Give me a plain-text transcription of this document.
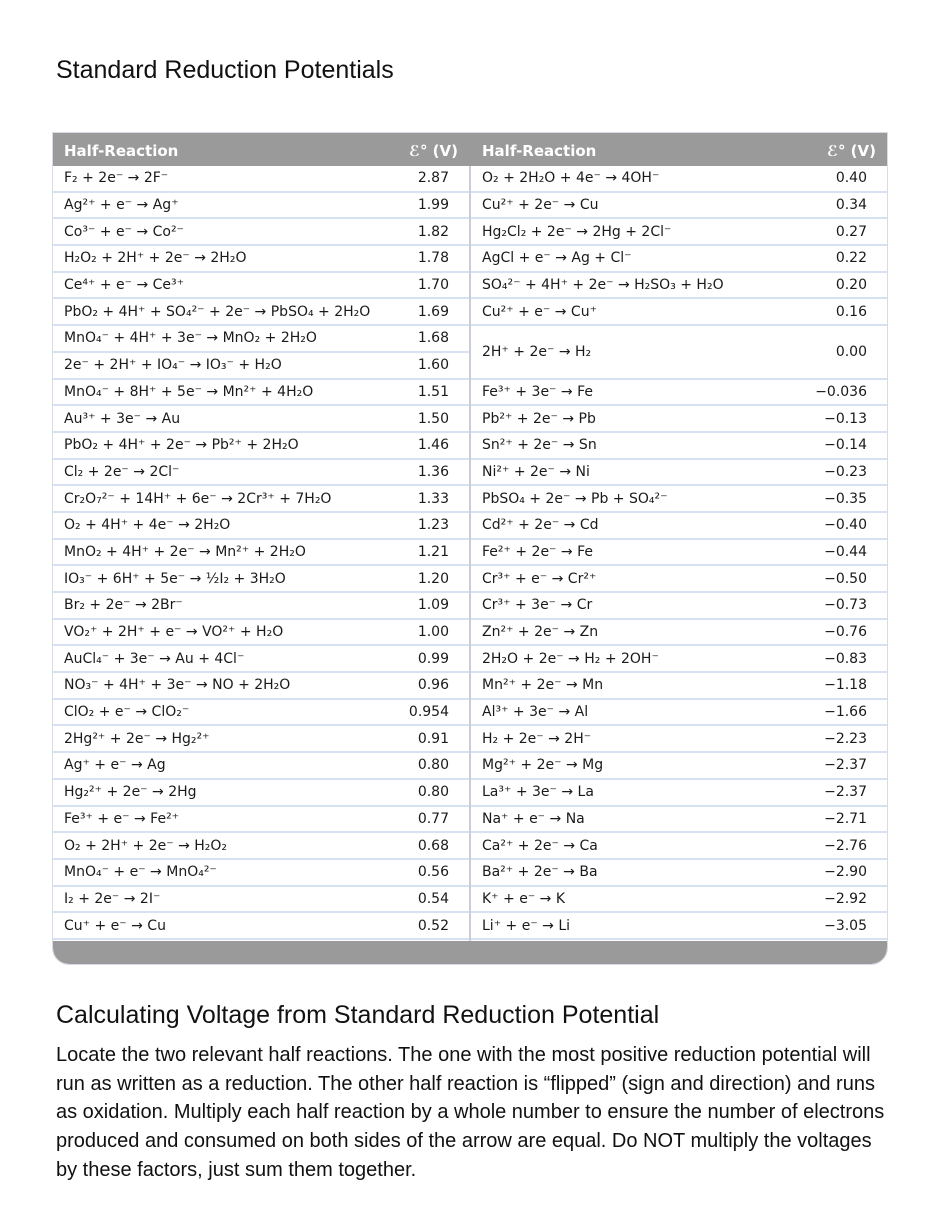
Standard Reduction Potentials
Half-Reaction	ℰ° (V) Half-Reaction	ℰ° (V)
F₂ + 2e⁻ → 2F⁻	2.87
Ag²⁺ + e⁻ → Ag⁺	1.99
Co³⁻ + e⁻ → Co²⁻	1.82
H₂O₂ + 2H⁺ + 2e⁻ → 2H₂O	1.78
Ce⁴⁺ + e⁻ → Ce³⁺	1.70
PbO₂ + 4H⁺ + SO₄²⁻ + 2e⁻ → PbSO₄ + 2H₂O	1.69
MnO₄⁻ + 4H⁺ + 3e⁻ → MnO₂ + 2H₂O	1.68
2e⁻ + 2H⁺ + IO₄⁻ → IO₃⁻ + H₂O	1.60
MnO₄⁻ + 8H⁺ + 5e⁻ → Mn²⁺ + 4H₂O	1.51
Au³⁺ + 3e⁻ → Au	1.50
PbO₂ + 4H⁺ + 2e⁻ → Pb²⁺ + 2H₂O	1.46
Cl₂ + 2e⁻ → 2Cl⁻	1.36
Cr₂O₇²⁻ + 14H⁺ + 6e⁻ → 2Cr³⁺ + 7H₂O	1.33
O₂ + 4H⁺ + 4e⁻ → 2H₂O	1.23
MnO₂ + 4H⁺ + 2e⁻ → Mn²⁺ + 2H₂O	1.21
IO₃⁻ + 6H⁺ + 5e⁻ → ½I₂ + 3H₂O	1.20
Br₂ + 2e⁻ → 2Br⁻	1.09
VO₂⁺ + 2H⁺ + e⁻ → VO²⁺ + H₂O	1.00
AuCl₄⁻ + 3e⁻ → Au + 4Cl⁻	0.99
NO₃⁻ + 4H⁺ + 3e⁻ → NO + 2H₂O	0.96
ClO₂ + e⁻ → ClO₂⁻	0.954
2Hg²⁺ + 2e⁻ → Hg₂²⁺	0.91
Ag⁺ + e⁻ → Ag	0.80
Hg₂²⁺ + 2e⁻ → 2Hg	0.80
Fe³⁺ + e⁻ → Fe²⁺	0.77
O₂ + 2H⁺ + 2e⁻ → H₂O₂	0.68
MnO₄⁻ + e⁻ → MnO₄²⁻	0.56
I₂ + 2e⁻ → 2I⁻	0.54
Cu⁺ + e⁻ → Cu	0.52
O₂ + 2H₂O + 4e⁻ → 4OH⁻	0.40
Cu²⁺ + 2e⁻ → Cu	0.34
Hg₂Cl₂ + 2e⁻ → 2Hg + 2Cl⁻	0.27
AgCl + e⁻ → Ag + Cl⁻	0.22
SO₄²⁻ + 4H⁺ + 2e⁻ → H₂SO₃ + H₂O	0.20
Cu²⁺ + e⁻ → Cu⁺	0.16
2H⁺ + 2e⁻ → H₂	0.00
Fe³⁺ + 3e⁻ → Fe	−0.036
Pb²⁺ + 2e⁻ → Pb	−0.13
Sn²⁺ + 2e⁻ → Sn	−0.14
Ni²⁺ + 2e⁻ → Ni	−0.23
PbSO₄ + 2e⁻ → Pb + SO₄²⁻	−0.35
Cd²⁺ + 2e⁻ → Cd	−0.40
Fe²⁺ + 2e⁻ → Fe	−0.44
Cr³⁺ + e⁻ → Cr²⁺	−0.50
Cr³⁺ + 3e⁻ → Cr	−0.73
Zn²⁺ + 2e⁻ → Zn	−0.76
2H₂O + 2e⁻ → H₂ + 2OH⁻	−0.83
Mn²⁺ + 2e⁻ → Mn	−1.18
Al³⁺ + 3e⁻ → Al	−1.66
H₂ + 2e⁻ → 2H⁻	−2.23
Mg²⁺ + 2e⁻ → Mg	−2.37
La³⁺ + 3e⁻ → La	−2.37
Na⁺ + e⁻ → Na	−2.71
Ca²⁺ + 2e⁻ → Ca	−2.76
Ba²⁺ + 2e⁻ → Ba	−2.90
K⁺ + e⁻ → K	−2.92
Li⁺ + e⁻ → Li	−3.05
Calculating Voltage from Standard Reduction Potential

Locate the two relevant half reactions. The one with the most positive reduction potential will run as written as a reduction. The other half reaction is “flipped” (sign and direction) and runs as oxidation. Multiply each half reaction by a whole number to ensure the number of electrons produced and consumed on both sides of the arrow are equal. Do NOT multiply the voltages by these factors, just sum them together.
